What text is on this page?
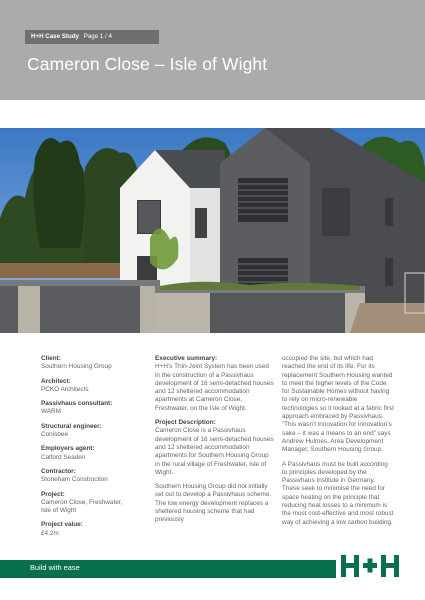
H+H Case Study Page 1 / 4
Cameron Close – Isle of Wight
Client:
Southern Housing Group
Architect:
PCKO Architects
Passivhaus consultant:
WARM
Structural engineer:
Conisbee
Employers agent:
Calford Seaden
Contractor:
Stoneham Construction
Project:
Cameron Close, Freshwater,
Isle of Wight
Project value:
£4.2m
Executive summary:

H+H’s Thin-Joint System has been used in the construction of a Passivhaus development of 16 semi-detached houses and 12 sheltered accommodation apartments at Cameron Close, Freshwater, on the Isle of Wight.

Project Description:

Cameron Close is a Passivhaus development of 16 semi-detached houses and 12 sheltered accommodation apartments for Southern Housing Group in the rural village of Freshwater, Isle of Wight.

Southern Housing Group did not initially set out to develop a Passivhaus scheme. The low energy development replaces a sheltered housing scheme that had previously

occupied the site, but which had reached the end of its life. For its replacement Southern Housing wanted to meet the higher levels of the Code for Sustainable Homes without having to rely on micro-renewable technologies so it looked at a fabric first approach embraced by Passivhaus. “This wasn’t innovation for innovation’s sake – it was a means to an end” says Andrew Hulmes, Area Development Manager, Southern Housing Group.

A Passivhaus must be built according to principles developed by the Passivhaus Institute in Germany. These seek to minimise the need for space heating on the principle that reducing heat losses to a minimum is the most cost-effective and most robust way of achieving a low carbon building.

Build with ease
